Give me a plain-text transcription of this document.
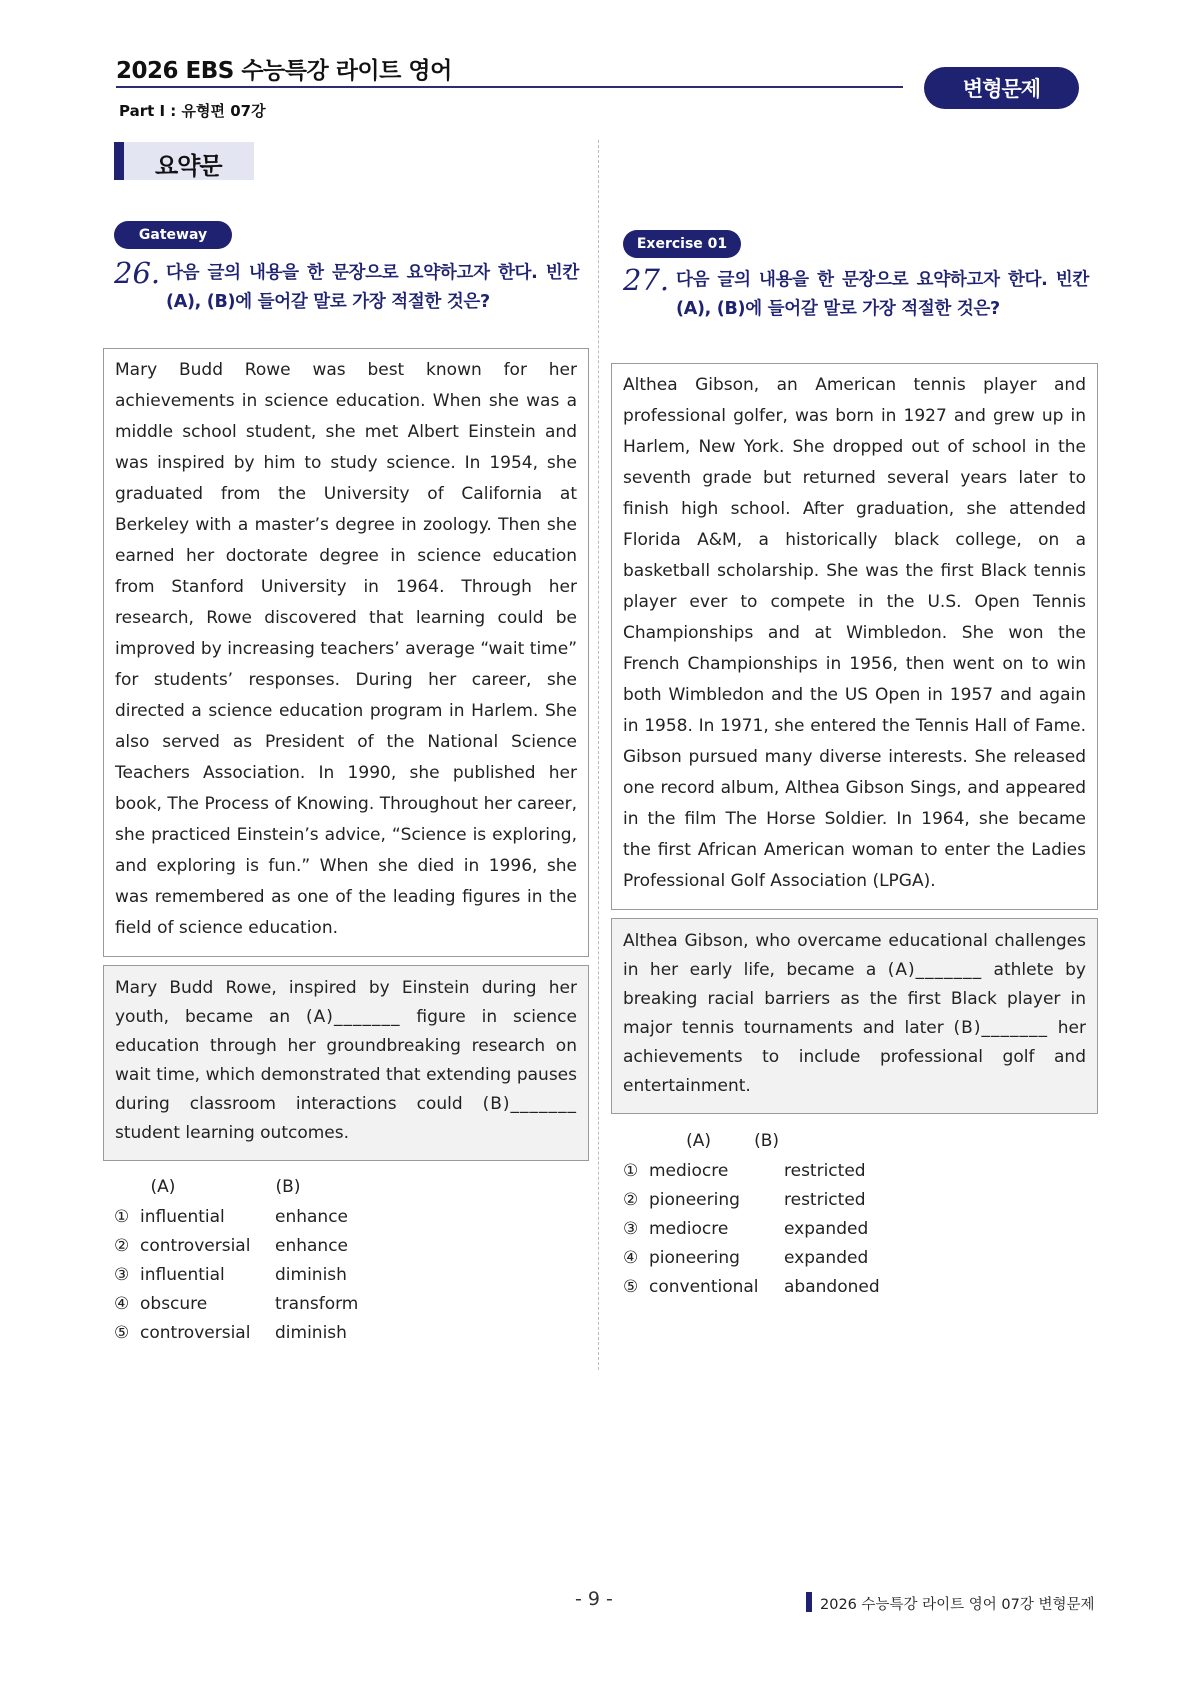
2026 EBS 수능특강 라이트 영어
Part Ⅰ : 유형편 07강
변형문제
요약문
Gateway
26. 다음 글의 내용을 한 문장으로 요약하고자 한다. 빈칸
(A), (B)에 들어갈 말로 가장 적절한 것은?
Mary Budd Rowe was best known for her achievements in science education. When she was a middle school student, she met Albert Einstein and was inspired by him to study science. In 1954, she graduated from the University of California at Berkeley with a master’s degree in zoology. Then she earned her doctorate degree in science education from Stanford University in 1964. Through her research, Rowe discovered that learning could be improved by increasing teachers’ average “wait time” for students’ responses. During her career, she directed a science education program in Harlem. She also served as President of the National Science Teachers Association. In 1990, she published her book, The Process of Knowing. Throughout her career, she practiced Einstein’s advice, “Science is exploring, and exploring is fun.” When she died in 1996, she was remembered as one of the leading figures in the field of science education.
Mary Budd Rowe, inspired by Einstein during her youth, became an (A)_______ figure in science education through her groundbreaking research on wait time, which demonstrated that extending pauses during classroom interactions could (B)_______ student learning outcomes.
(A)	(B)
① influential	enhance
② controversial	enhance
③ influential	diminish
④ obscure	transform
⑤ controversial	diminish
Exercise 01
27. 다음 글의 내용을 한 문장으로 요약하고자 한다. 빈칸
(A), (B)에 들어갈 말로 가장 적절한 것은?
Althea Gibson, an American tennis player and professional golfer, was born in 1927 and grew up in Harlem, New York. She dropped out of school in the seventh grade but returned several years later to finish high school. After graduation, she attended Florida A&M, a historically black college, on a basketball scholarship. She was the first Black tennis player ever to compete in the U.S. Open Tennis Championships and at Wimbledon. She won the French Championships in 1956, then went on to win both Wimbledon and the US Open in 1957 and again in 1958. In 1971, she entered the Tennis Hall of Fame. Gibson pursued many diverse interests. She released one record album, Althea Gibson Sings, and appeared in the film The Horse Soldier. In 1964, she became the first African American woman to enter the Ladies Professional Golf Association (LPGA).
Althea Gibson, who overcame educational challenges in her early life, became a (A)_______ athlete by breaking racial barriers as the first Black player in major tennis tournaments and later (B)_______ her achievements to include professional golf and entertainment.
(A)	(B)
① mediocre	restricted
② pioneering	restricted
③ mediocre	expanded
④ pioneering	expanded
⑤ conventional	abandoned
- 9 -	2026 수능특강 라이트 영어 07강 변형문제
